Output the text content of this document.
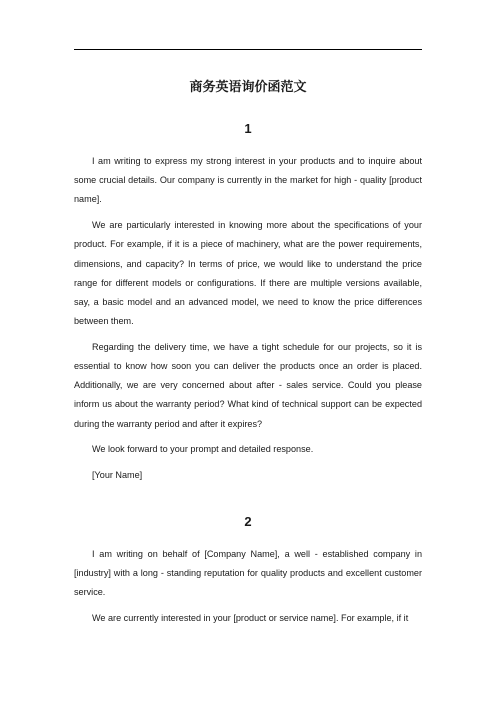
商务英语询价函范文
1

I am writing to express my strong interest in your products and to inquire about some crucial details. Our company is currently in the market for high - quality [product name].

We are particularly interested in knowing more about the specifications of your product. For example, if it is a piece of machinery, what are the power requirements, dimensions, and capacity? In terms of price, we would like to understand the price range for different models or configurations. If there are multiple versions available, say, a basic model and an advanced model, we need to know the price differences between them.

Regarding the delivery time, we have a tight schedule for our projects, so it is essential to know how soon you can deliver the products once an order is placed. Additionally, we are very concerned about after - sales service. Could you please inform us about the warranty period? What kind of technical support can be expected during the warranty period and after it expires?

We look forward to your prompt and detailed response.

[Your Name]

2

I am writing on behalf of [Company Name], a well - established company in [industry] with a long - standing reputation for quality products and excellent customer service.

We are currently interested in your [product or service name]. For example, if it
